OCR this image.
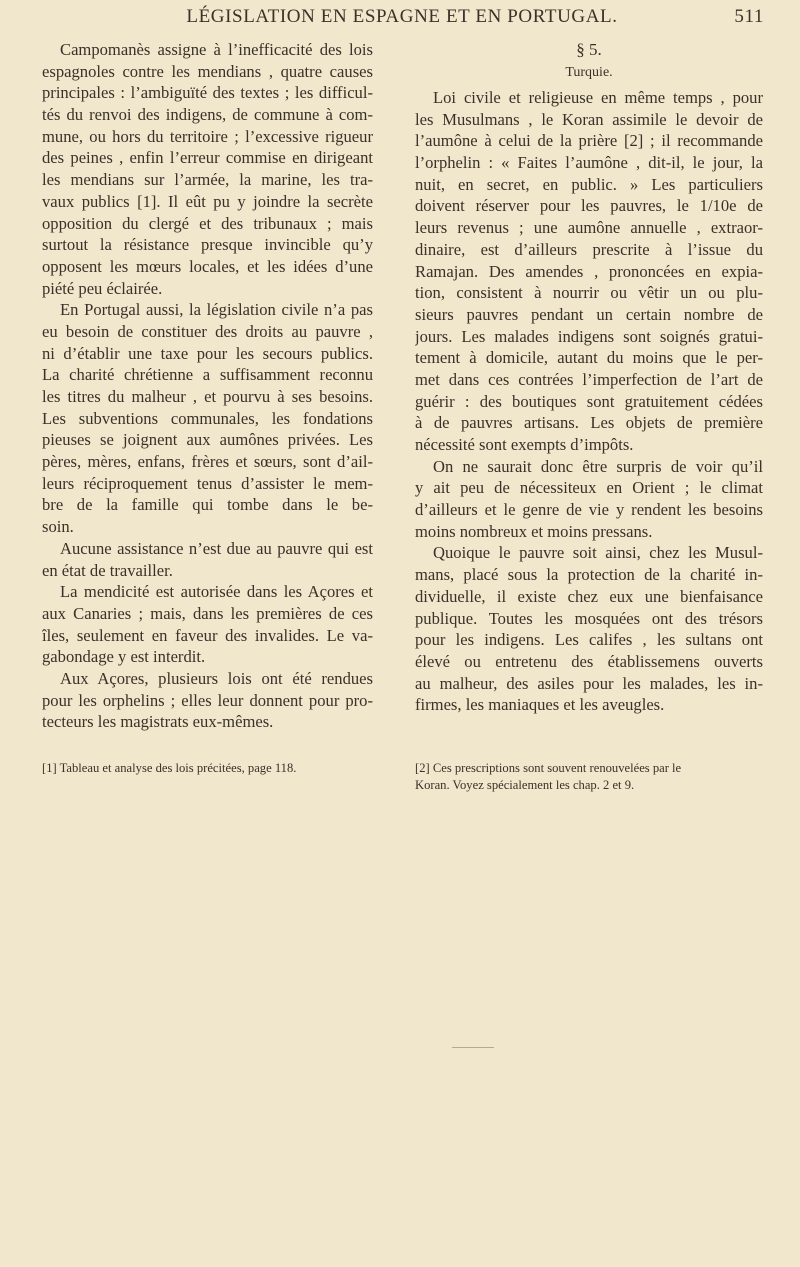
LÉGISLATION EN ESPAGNE ET EN PORTUGAL.	511
Campomanès assigne à l’inefficacité des lois
espagnoles contre les mendians , quatre causes
principales : l’ambiguïté des textes ; les difficul-
tés du renvoi des indigens, de commune à com-
mune, ou hors du territoire ; l’excessive rigueur
des peines , enfin l’erreur commise en dirigeant
les mendians sur l’armée, la marine, les tra-
vaux publics [1]. Il eût pu y joindre la secrète
opposition du clergé et des tribunaux ; mais
surtout la résistance presque invincible qu’y
opposent les mœurs locales, et les idées d’une
piété peu éclairée.
En Portugal aussi, la législation civile n’a pas
eu besoin de constituer des droits au pauvre ,
ni d’établir une taxe pour les secours publics.
La charité chrétienne a suffisamment reconnu
les titres du malheur , et pourvu à ses besoins.
Les subventions communales, les fondations
pieuses se joignent aux aumônes privées. Les
pères, mères, enfans, frères et sœurs, sont d’ail-
leurs réciproquement tenus d’assister le mem-
bre de la famille qui tombe dans le be-
soin.
Aucune assistance n’est due au pauvre qui est
en état de travailler.
La mendicité est autorisée dans les Açores et
aux Canaries ; mais, dans les premières de ces
îles, seulement en faveur des invalides. Le va-
gabondage y est interdit.
Aux Açores, plusieurs lois ont été rendues
pour les orphelins ; elles leur donnent pour pro-
tecteurs les magistrats eux-mêmes.
§ 5.
Turquie.
Loi civile et religieuse en même temps , pour
les Musulmans , le Koran assimile le devoir de
l’aumône à celui de la prière [2] ; il recommande
l’orphelin : « Faites l’aumône , dit-il, le jour, la
nuit, en secret, en public. » Les particuliers
doivent réserver pour les pauvres, le 1/10e de
leurs revenus ; une aumône annuelle , extraor-
dinaire, est d’ailleurs prescrite à l’issue du
Ramajan. Des amendes , prononcées en expia-
tion, consistent à nourrir ou vêtir un ou plu-
sieurs pauvres pendant un certain nombre de
jours. Les malades indigens sont soignés gratui-
tement à domicile, autant du moins que le per-
met dans ces contrées l’imperfection de l’art de
guérir : des boutiques sont gratuitement cédées
à de pauvres artisans. Les objets de première
nécessité sont exempts d’impôts.
On ne saurait donc être surpris de voir qu’il
y ait peu de nécessiteux en Orient ; le climat
d’ailleurs et le genre de vie y rendent les besoins
moins nombreux et moins pressans.
Quoique le pauvre soit ainsi, chez les Musul-
mans, placé sous la protection de la charité in-
dividuelle, il existe chez eux une bienfaisance
publique. Toutes les mosquées ont des trésors
pour les indigens. Les califes , les sultans ont
élevé ou entretenu des établissemens ouverts
au malheur, des asiles pour les malades, les in-
firmes, les maniaques et les aveugles.
[1] Tableau et analyse des lois précitées, page 118.	[2] Ces prescriptions sont souvent renouvelées par le
Koran. Voyez spécialement les chap. 2 et 9.
